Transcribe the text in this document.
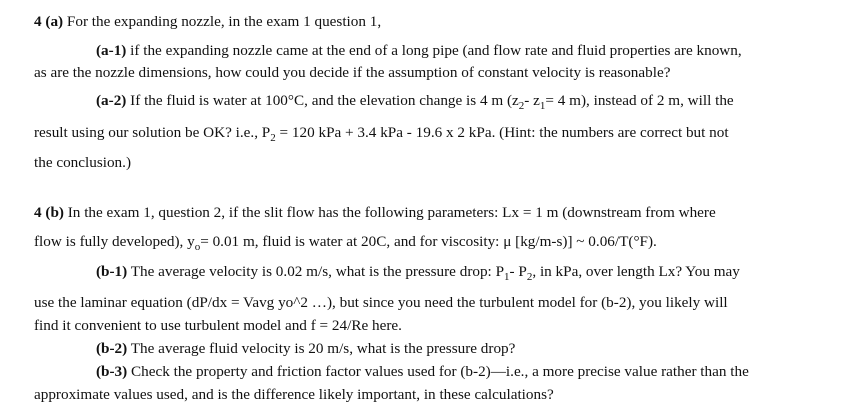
4 (a) For the expanding nozzle, in the exam 1 question 1,
(a-1) if the expanding nozzle came at the end of a long pipe (and flow rate and fluid properties are known,
as are the nozzle dimensions, how could you decide if the assumption of constant velocity is reasonable?
(a-2) If the fluid is water at 100°C, and the elevation change is 4 m ($z_2-$ $z_1= 4$ m), instead of 2 m, will the
result using our solution be OK? i.e., $P_2 = 120$ kPa + 3.4 kPa - 19.6 x 2 kPa. (Hint: the numbers are correct but not
the conclusion.)
4 (b) In the exam 1, question 2, if the slit flow has the following parameters: Lx = 1 m (downstream from where
flow is fully developed), $y_o= 0.01$ m, fluid is water at 20C, and for viscosity: μ [kg/m-s)] ~ 0.06/T(°F).
(b-1) The average velocity is 0.02 m/s, what is the pressure drop: $P_1-$ $P_2$, in kPa, over length Lx? You may
use the laminar equation (dP/dx = Vavg yo^2 …), but since you need the turbulent model for (b-2), you likely will
find it convenient to use turbulent model and f = 24/Re here.
(b-2) The average fluid velocity is 20 m/s, what is the pressure drop?
(b-3) Check the property and friction factor values used for (b-2)—i.e., a more precise value rather than the
approximate values used, and is the difference likely important, in these calculations?
